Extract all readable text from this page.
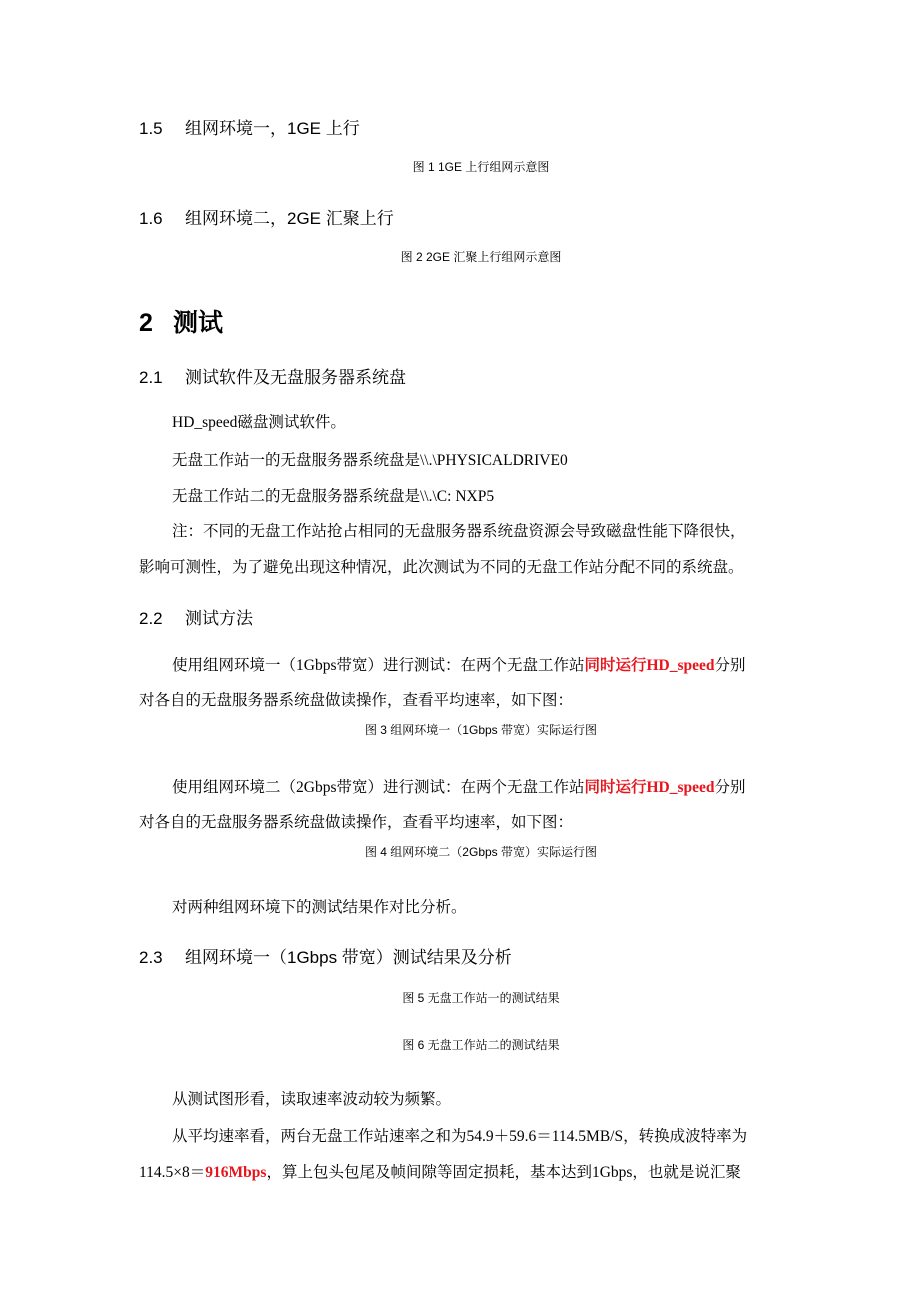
1.5 组网环境一，1GE 上行
图 1 1GE 上行组网示意图
1.6 组网环境二，2GE 汇聚上行
图 2 2GE 汇聚上行组网示意图
2 测试
2.1 测试软件及无盘服务器系统盘
HD_speed磁盘测试软件。
无盘工作站一的无盘服务器系统盘是\\.\PHYSICALDRIVE0
无盘工作站二的无盘服务器系统盘是\\.\C: NXP5
注：不同的无盘工作站抢占相同的无盘服务器系统盘资源会导致磁盘性能下降很快，
影响可测性，为了避免出现这种情况，此次测试为不同的无盘工作站分配不同的系统盘。
2.2 测试方法
使用组网环境一（1Gbps带宽）进行测试：在两个无盘工作站同时运行HD_speed分别
对各自的无盘服务器系统盘做读操作，查看平均速率，如下图：
图 3 组网环境一（1Gbps 带宽）实际运行图
使用组网环境二（2Gbps带宽）进行测试：在两个无盘工作站同时运行HD_speed分别
对各自的无盘服务器系统盘做读操作，查看平均速率，如下图：
图 4 组网环境二（2Gbps 带宽）实际运行图
对两种组网环境下的测试结果作对比分析。
2.3 组网环境一（1Gbps 带宽）测试结果及分析
图 5 无盘工作站一的测试结果
图 6 无盘工作站二的测试结果
从测试图形看，读取速率波动较为频繁。
从平均速率看，两台无盘工作站速率之和为54.9＋59.6＝114.5MB/S，转换成波特率为
114.5×8＝916Mbps，算上包头包尾及帧间隙等固定损耗，基本达到1Gbps，也就是说汇聚
